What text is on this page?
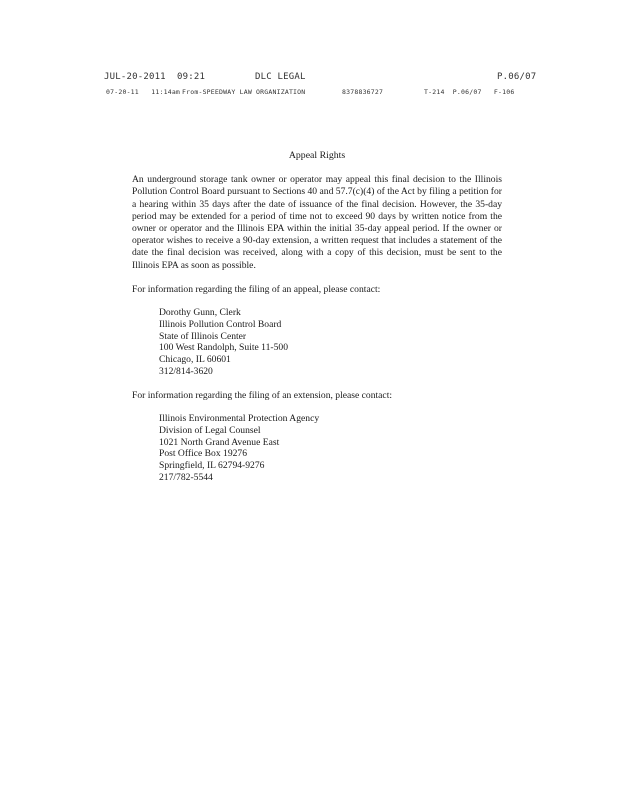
JUL-20-2011  09:21	DLC LEGAL	P.06/07
07-20-11   11:14am From-SPEEDWAY LAW ORGANIZATION	8378836727	T-214  P.06/07   F-106

Appeal Rights

An underground storage tank owner or operator may appeal this final decision to the Illinois Pollution Control Board pursuant to Sections 40 and 57.7(c)(4) of the Act by filing a petition for a hearing within 35 days after the date of issuance of the final decision. However, the 35-day period may be extended for a period of time not to exceed 90 days by written notice from the owner or operator and the Illinois EPA within the initial 35-day appeal period. If the owner or operator wishes to receive a 90-day extension, a written request that includes a statement of the date the final decision was received, along with a copy of this decision, must be sent to the Illinois EPA as soon as possible.

For information regarding the filing of an appeal, please contact:

Dorothy Gunn, Clerk
Illinois Pollution Control Board
State of Illinois Center
100 West Randolph, Suite 11-500
Chicago, IL 60601
312/814-3620

For information regarding the filing of an extension, please contact:

Illinois Environmental Protection Agency
Division of Legal Counsel
1021 North Grand Avenue East
Post Office Box 19276
Springfield, IL 62794-9276
217/782-5544
